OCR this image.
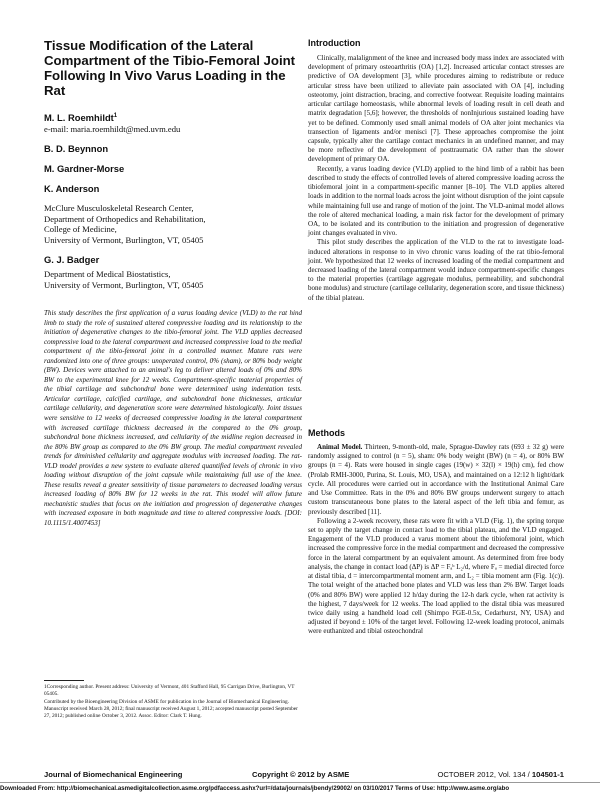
Tissue Modification of the Lateral Compartment of the Tibio-Femoral Joint Following In Vivo Varus Loading in the Rat

M. L. Roemhildt$^1$

e-mail: maria.roemhildt@med.uvm.edu

B. D. Beynnon

M. Gardner-Morse

K. Anderson

McClure Musculoskeletal Research Center,

Department of Orthopedics and Rehabilitation,

College of Medicine,

University of Vermont, Burlington, VT, 05405

G. J. Badger

Department of Medical Biostatistics,

University of Vermont, Burlington, VT, 05405

This study describes the first application of a varus loading device (VLD) to the rat hind limb to study the role of sustained altered compressive loading and its relationship to the initiation of degenerative changes to the tibio-femoral joint. The VLD applies decreased compressive load to the lateral compartment and increased compressive load to the medial compartment of the tibio-femoral joint in a controlled manner. Mature rats were randomized into one of three groups: unoperated control, 0% (sham), or 80% body weight (BW). Devices were attached to an animal's leg to deliver altered loads of 0% and 80% BW to the experimental knee for 12 weeks. Compartment-specific material properties of the tibial cartilage and subchondral bone were determined using indentation tests. Articular cartilage, calcified cartilage, and subchondral bone thicknesses, articular cartilage cellularity, and degeneration score were determined histologically. Joint tissues were sensitive to 12 weeks of decreased compressive loading in the lateral compartment with increased cartilage thickness decreased in the compared to the 0% group, subchondral bone thickness increased, and cellularity of the midline region decreased in the 80% BW group as compared to the 0% BW group. The medial compartment revealed trends for diminished cellularity and aggregate modulus with increased loading. The rat-VLD model provides a new system to evaluate altered quantified levels of chronic in vivo loading without disruption of the joint capsule while maintaining full use of the knee. These results reveal a greater sensitivity of tissue parameters to decreased loading versus increased loading of 80% BW for 12 weeks in the rat. This model will allow future mechanistic studies that focus on the initiation and progression of degenerative changes with increased exposure in both magnitude and time to altered compressive loads. [DOI: 10.1115/1.4007453]

1Corresponding author. Present address: University of Vermont, 401 Stafford Hall, 95 Carrigan Drive, Burlington, VT 05405.

Contributed by the Bioengineering Division of ASME for publication in the Journal of Biomechanical Engineering. Manuscript received March 28, 2012; final manuscript received August 1, 2012; accepted manuscript posted September 27, 2012; published online October 3, 2012. Assoc. Editor: Clark T. Hung.

Introduction

Clinically, malalignment of the knee and increased body mass index are associated with development of primary osteoarthritis (OA) [1,2]. Increased articular contact stresses are predictive of OA development [3], while procedures aiming to redistribute or reduce articular stress have been utilized to alleviate pain associated with OA [4], including osteotomy, joint distraction, bracing, and corrective footwear. Requisite loading maintains articular cartilage homeostasis, while abnormal levels of loading result in cell death and matrix degradation [5,6]; however, the thresholds of nonInjurious sustained loading have yet to be defined. Commonly used small animal models of OA alter joint mechanics via transection of ligaments and/or menisci [7]. These approaches compromise the joint capsule, typically alter the cartilage contact mechanics in an undefined manner, and may be more reflective of the development of posttraumatic OA rather than the slower development of primary OA.

Recently, a varus loading device (VLD) applied to the hind limb of a rabbit has been described to study the effects of controlled levels of altered compressive loading across the tibiofemoral joint in a compartment-specific manner [8–10]. The VLD applies altered loads in addition to the normal loads across the joint without disruption of the joint capsule while maintaining full use and range of motion of the joint. The VLD-animal model allows the role of altered mechanical loading, a main risk factor for the development of primary OA, to be isolated and its contribution to the initiation and progression of degenerative joint changes evaluated in vivo.

This pilot study describes the application of the VLD to the rat to investigate load-induced alterations in response to in vivo chronic varus loading of the rat tibio-femoral joint. We hypothesized that 12 weeks of increased loading of the medial compartment and decreased loading of the lateral compartment would induce compartment-specific changes to the material properties (cartilage aggregate modulus, permeability, and subchondral bone modulus) and structure (cartilage cellularity, degeneration score, and tissue thickness) of the tibial plateau.

Methods

Animal Model. Thirteen, 9-month-old, male, Sprague-Dawley rats (693 ± 32 g) were randomly assigned to control (n = 5), sham: 0% body weight (BW) (n = 4), or 80% BW groups (n = 4). Rats were housed in single cages (19(w) × 32(l) × 19(h) cm), fed chow (Prolab RMH-3000, Purina, St. Louis, MO, USA), and maintained on a 12:12 h light/dark cycle. All procedures were carried out in accordance with the Institutional Animal Care and Use Committee. Rats in the 0% and 80% BW groups underwent surgery to attach custom transcutaneous bone plates to the lateral aspect of the left tibia and femur, as previously described [11].

Following a 2-week recovery, these rats were fit with a VLD (Fig. 1), the spring torque set to apply the target change in contact load to the tibial plateau, and the VLD engaged. Engagement of the VLD produced a varus moment about the tibiofemoral joint, which increased the compressive force in the medial compartment and decreased the compressive force in the lateral compartment by an equivalent amount. As determined from free body analysis, the change in contact load (ΔP) is ΔP = Fₐᵇ L₂/d, where Fₐ = medial directed force at distal tibia, d = intercompartmental moment arm, and L₂ = tibia moment arm (Fig. 1(c)). The total weight of the attached bone plates and VLD was less than 2% BW. Target loads (0% and 80% BW) were applied 12 h/day during the 12-h dark cycle, when rat activity is the highest, 7 days/week for 12 weeks. The load applied to the distal tibia was measured twice daily using a handheld load cell (Shimpo FGE-0.5x, Cedarhurst, NY, USA) and adjusted if beyond ± 10% of the target level. Following 12-week loading protocol, animals were euthanized and tibial osteochondral

Journal of Biomechanical Engineering	Copyright © 2012 by ASME	OCTOBER 2012, Vol. 134 / 104501-1
Downloaded From: http://biomechanical.asmedigitalcollection.asme.org/pdfaccess.ashx?url=/data/journals/jbendy/29002/ on 03/10/2017 Terms of Use: http://www.asme.org/abo
